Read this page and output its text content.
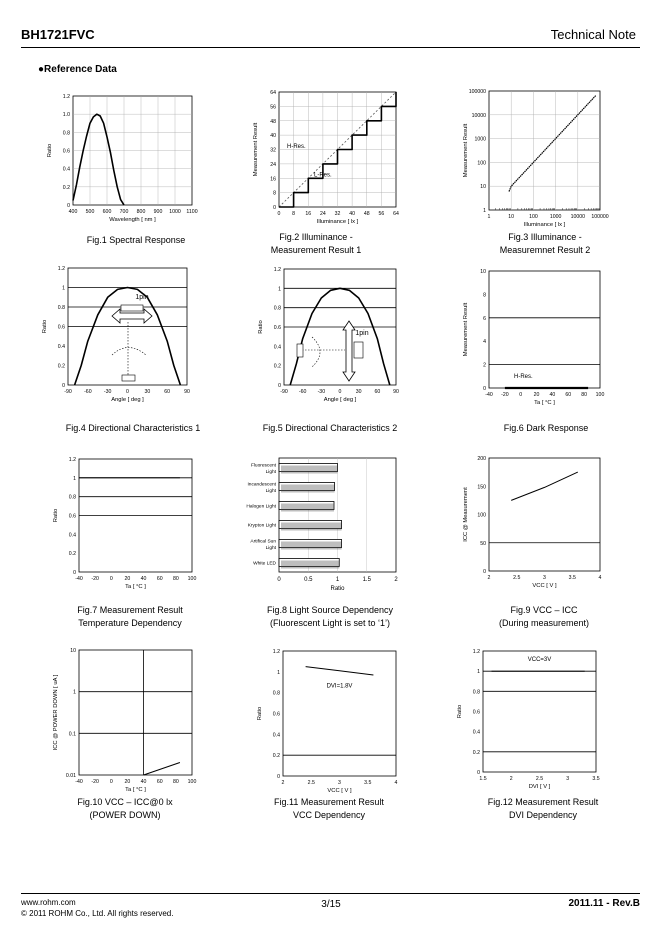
BH1721FVC	Technical Note
●Reference Data
0
0.2
0.4
0.6
0.8
1.0
1.2
400 500 600 700 800 900 1000 1100
Wavelength [ nm ]
Ratio
0
8
16
24
32
40
48
56
64
0 8 16 24 32 40 48 56 64
Illuminance [ lx ]
Measurement Result	H-Res.
L-Res.
1
10
100
1000
10000
100000
1	10	100 1000 10000 100000
Illuminance [ lx ]
Measurement Result
0
0.2
0.4
0.6
0.8
1
1.2
-90 -60 -30	0	30	60	90
Angle [ deg ]
Ratio
1pin
0
0.2
0.4
0.6
0.8
1
1.2
-90 -60 -30	0	30 60 90
Angle [ deg ]
Ratio	1pin
0
2
4
6
8
10
-40 -20 0 20 40 60 80 100
Ta [ °C ]
Measurement Result
H-Res.
0
0.2
0.4
0.6
0.8
1
1.2
-40 -20 0 20 40 60 80 100
Ta [ °C ]
Ratio
0	0.5	1	1.5	2
Fluorescent
Light
Incandescent
Light
Halogen Light
Krypton Light
Artifical Sun
Light
White LED
Ratio
0
50
100
150
200
2	2.5	3	3.5	4
VCC [ V ]
ICC @ Measurement
0.01
0.1
1
10
-40 -20 0 20 40 60 80 100
Ta [ °C ]
ICC @ POWER DOWN [ uA ]
0
0.2
0.4
0.6
0.8
1
1.2
2	2.5	3	3.5	4
VCC [ V ]
Ratio
DVI=1.8V
0
0.2
0.4
0.6
0.8
1
1.2
1.5	2	2.5	3	3.5
DVI [ V ]
Ratio
VCC=3V
Fig.1 Spectral Response	Fig.2 Illuminance -
Measurement Result 1
Fig.3 Illuminance -
Measuremnet Result 2
Fig.4 Directional Characteristics 1	Fig.5 Directional Characteristics 2	Fig.6 Dark Response
Fig.7 Measurement Result
Temperature Dependency
Fig.8 Light Source Dependency
(Fluorescent Light is set to ‘1’)
Fig.9 VCC – ICC
(During measurement)
Fig.10 VCC – ICC@0 lx
(POWER DOWN)
Fig.11 Measurement Result
VCC Dependency
Fig.12 Measurement Result
DVI Dependency
www.rohm.com
© 2011 ROHM Co., Ltd. All rights reserved.
3/15	2011.11 - Rev.B
